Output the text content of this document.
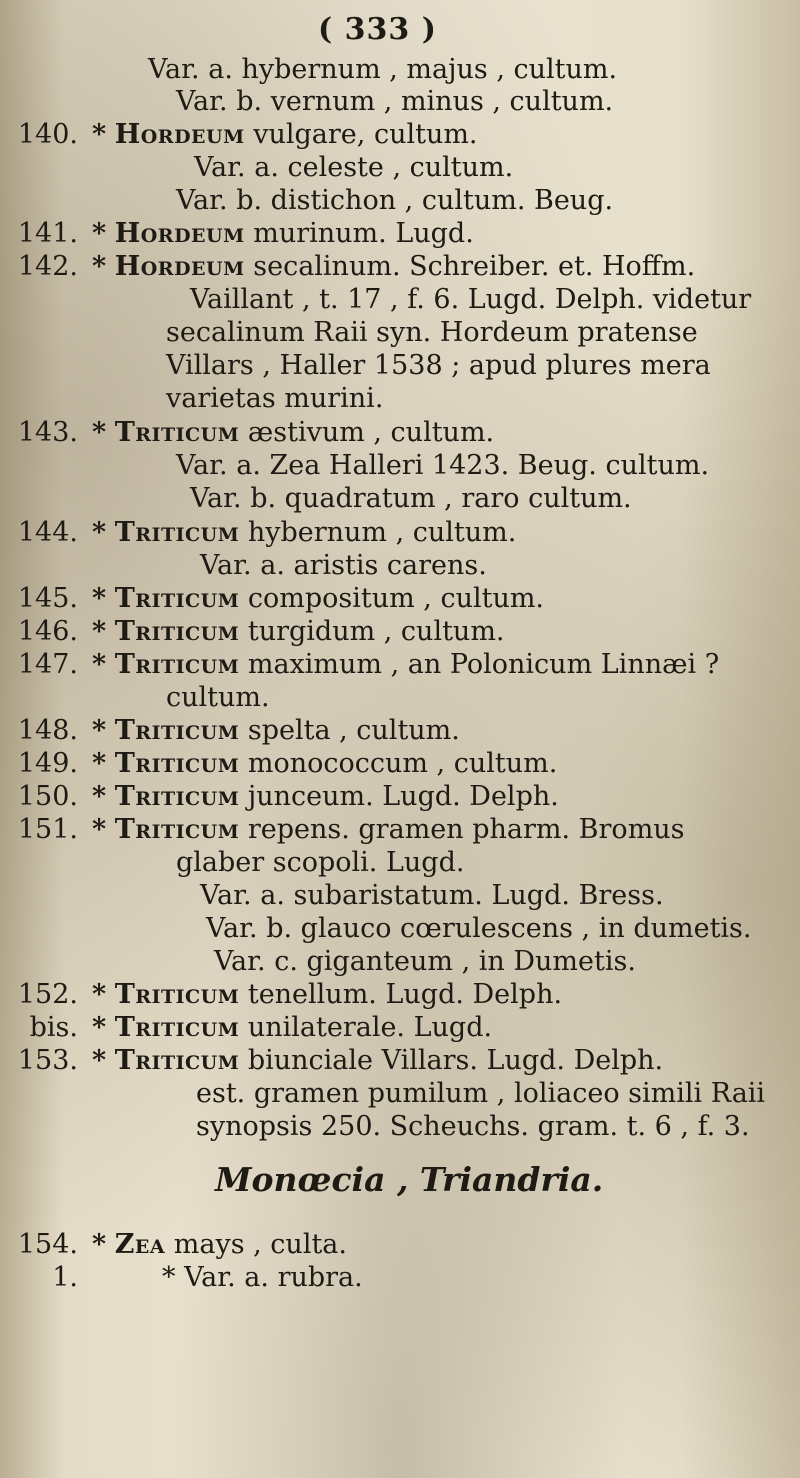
( 333 )
Var. a. hybernum , majus , cultum.
Var. b. vernum , minus , cultum.
140. * Hordeum vulgare, cultum.
Var. a. celeste , cultum.
Var. b. distichon , cultum. Beug.
141. * Hordeum murinum. Lugd.
142. * Hordeum secalinum. Schreiber. et. Hoffm.
Vaillant , t. 17 , f. 6. Lugd. Delph. videtur
secalinum Raii syn. Hordeum pratense
Villars , Haller 1538 ; apud plures mera
varietas murini.
143. * Triticum æstivum , cultum.
Var. a. Zea Halleri 1423. Beug. cultum.
Var. b. quadratum , raro cultum.
144. * Triticum hybernum , cultum.
Var. a. aristis carens.
145. * Triticum compositum , cultum.
146. * Triticum turgidum , cultum.
147. * Triticum maximum , an Polonicum Linnæi ?
cultum.
148. * Triticum spelta , cultum.
149. * Triticum monococcum , cultum.
150. * Triticum junceum. Lugd. Delph.
151. * Triticum repens. gramen pharm. Bromus
glaber scopoli. Lugd.
Var. a. subaristatum. Lugd. Bress.
Var. b. glauco cœrulescens , in dumetis.
Var. c. giganteum , in Dumetis.
152. * Triticum tenellum. Lugd. Delph.
bis. * Triticum unilaterale. Lugd.
153. * Triticum biunciale Villars. Lugd. Delph.
est. gramen pumilum , loliaceo simili Raii
synopsis 250. Scheuchs. gram. t. 6 , f. 3.
Monœcia , Triandria.
154. * Zea mays , culta.
1.	* Var. a. rubra.
